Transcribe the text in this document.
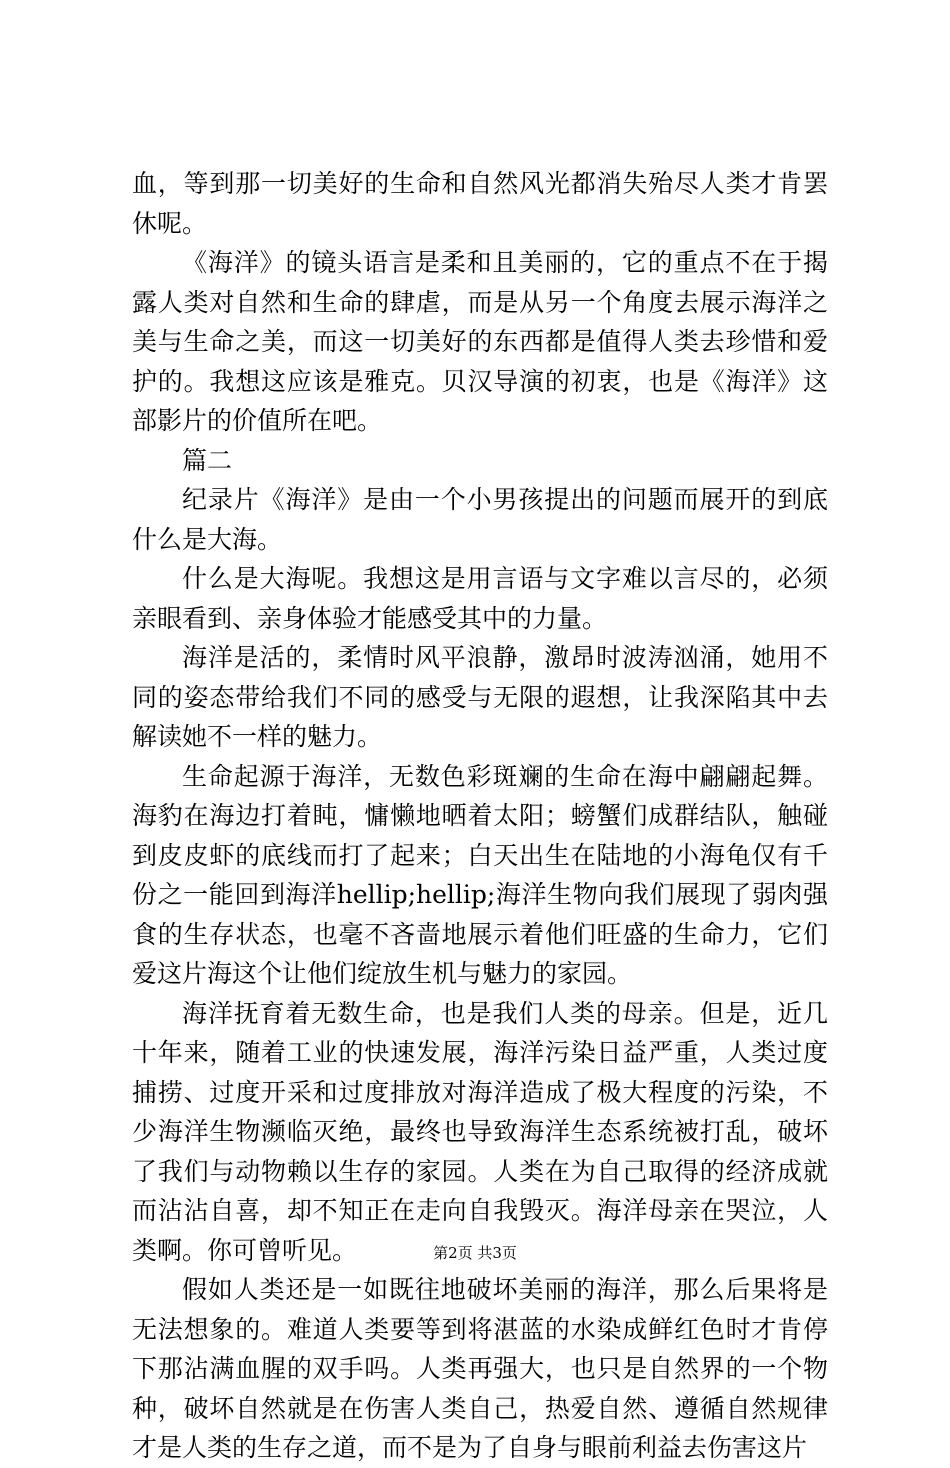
血，等到那一切美好的生命和自然风光都消失殆尽人类才肯罢休呢。

《海洋》的镜头语言是柔和且美丽的，它的重点不在于揭露人类对自然和生命的肆虐，而是从另一个角度去展示海洋之美与生命之美，而这一切美好的东西都是值得人类去珍惜和爱护的。我想这应该是雅克。贝汉导演的初衷，也是《海洋》这部影片的价值所在吧。

篇二

纪录片《海洋》是由一个小男孩提出的问题而展开的到底什么是大海。

什么是大海呢。我想这是用言语与文字难以言尽的，必须亲眼看到、亲身体验才能感受其中的力量。

海洋是活的，柔情时风平浪静，激昂时波涛汹涌，她用不同的姿态带给我们不同的感受与无限的遐想，让我深陷其中去解读她不一样的魅力。

生命起源于海洋，无数色彩斑斓的生命在海中翩翩起舞。海豹在海边打着盹，慵懒地晒着太阳；螃蟹们成群结队，触碰到皮皮虾的底线而打了起来；白天出生在陆地的小海龟仅有千份之一能回到海洋hellip;hellip;海洋生物向我们展现了弱肉强食的生存状态，也毫不吝啬地展示着他们旺盛的生命力，它们爱这片海这个让他们绽放生机与魅力的家园。

海洋抚育着无数生命，也是我们人类的母亲。但是，近几十年来，随着工业的快速发展，海洋污染日益严重，人类过度捕捞、过度开采和过度排放对海洋造成了极大程度的污染，不少海洋生物濒临灭绝，最终也导致海洋生态系统被打乱，破坏了我们与动物赖以生存的家园。人类在为自己取得的经济成就而沾沾自喜，却不知正在走向自我毁灭。海洋母亲在哭泣，人类啊。你可曾听见。

假如人类还是一如既往地破坏美丽的海洋，那么后果将是无法想象的。难道人类要等到将湛蓝的水染成鲜红色时才肯停下那沾满血腥的双手吗。人类再强大，也只是自然界的一个物种，破坏自然就是在伤害人类自己，热爱自然、遵循自然规律才是人类的生存之道，而不是为了自身与眼前利益去伤害这片

第2页 共3页
